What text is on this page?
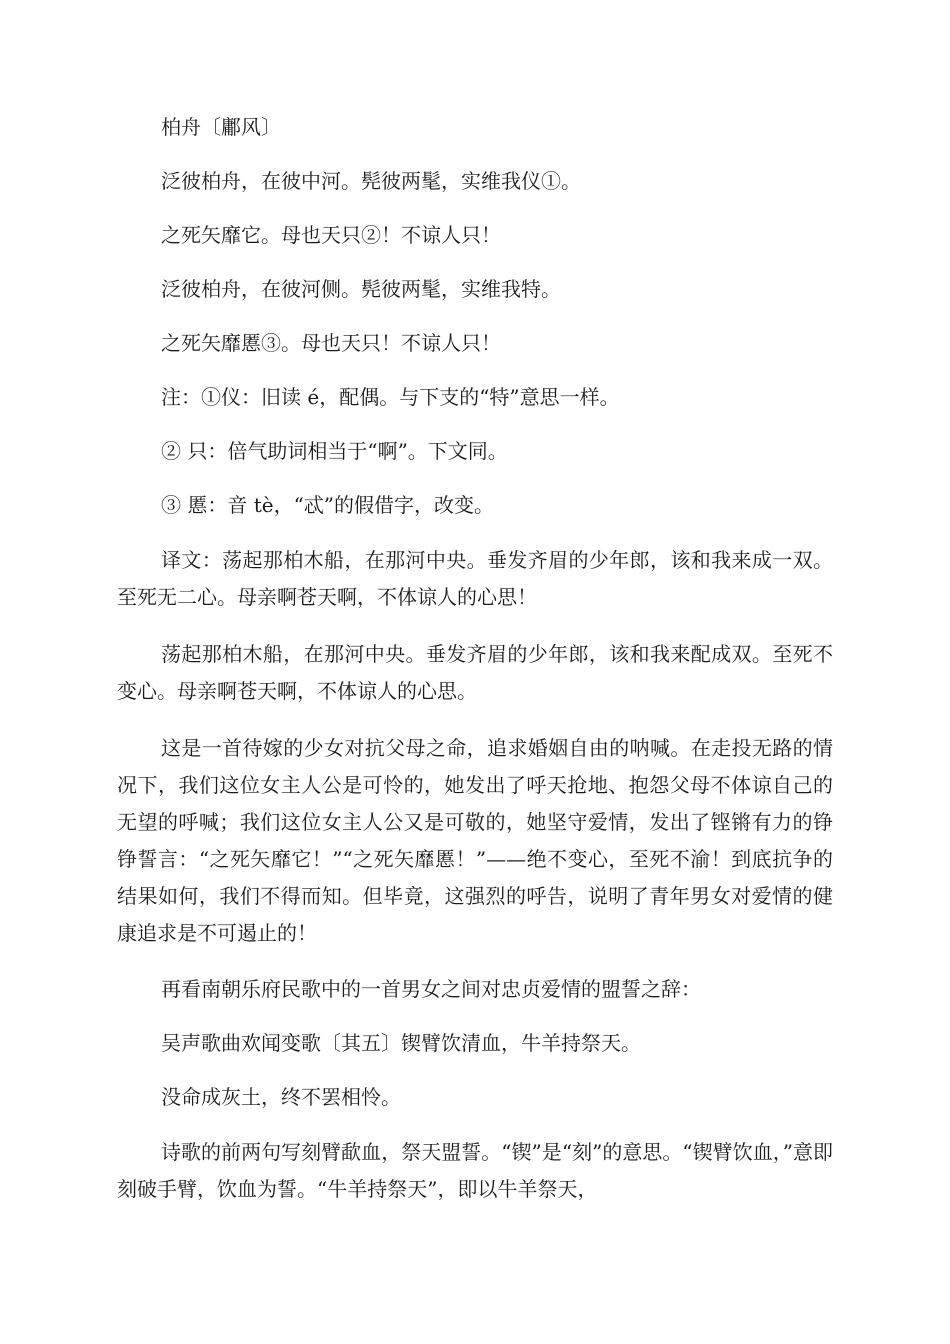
柏舟〔鄘风〕
泛彼柏舟，在彼中河。髡彼两髦，实维我仪①。
之死矢靡它。母也天只②！不谅人只！
泛彼柏舟，在彼河侧。髡彼两髦，实维我特。
之死矢靡慝③。母也天只！不谅人只！
注：①仪：旧读 é，配偶。与下支的“特”意思一样。
② 只：倍气助词相当于“啊”。下文同。
③ 慝：音 tè，“忒”的假借字，改变。

译文：荡起那柏木船，在那河中央。垂发齐眉的少年郎，该和我来成一双。至死无二心。母亲啊苍天啊，不体谅人的心思！

荡起那柏木船，在那河中央。垂发齐眉的少年郎，该和我来配成双。至死不变心。母亲啊苍天啊，不体谅人的心思。

这是一首待嫁的少女对抗父母之命，追求婚姻自由的呐喊。在走投无路的情况下，我们这位女主人公是可怜的，她发出了呼天抢地、抱怨父母不体谅自己的无望的呼喊；我们这位女主人公又是可敬的，她坚守爱情，发出了铿锵有力的铮铮誓言：“之死矢靡它！”“之死矢靡慝！”——绝不变心，至死不渝！到底抗争的结果如何，我们不得而知。但毕竟，这强烈的呼告，说明了青年男女对爱情的健康追求是不可遏止的！

再看南朝乐府民歌中的一首男女之间对忠贞爱情的盟誓之辞：
吴声歌曲欢闻变歌〔其五〕锲臂饮清血，牛羊持祭天。
没命成灰土，终不罢相怜。

诗歌的前两句写刻臂歃血，祭天盟誓。“锲”是“刻”的意思。“锲臂饮血，”意即刻破手臂，饮血为誓。“牛羊持祭天”，即以牛羊祭天，
